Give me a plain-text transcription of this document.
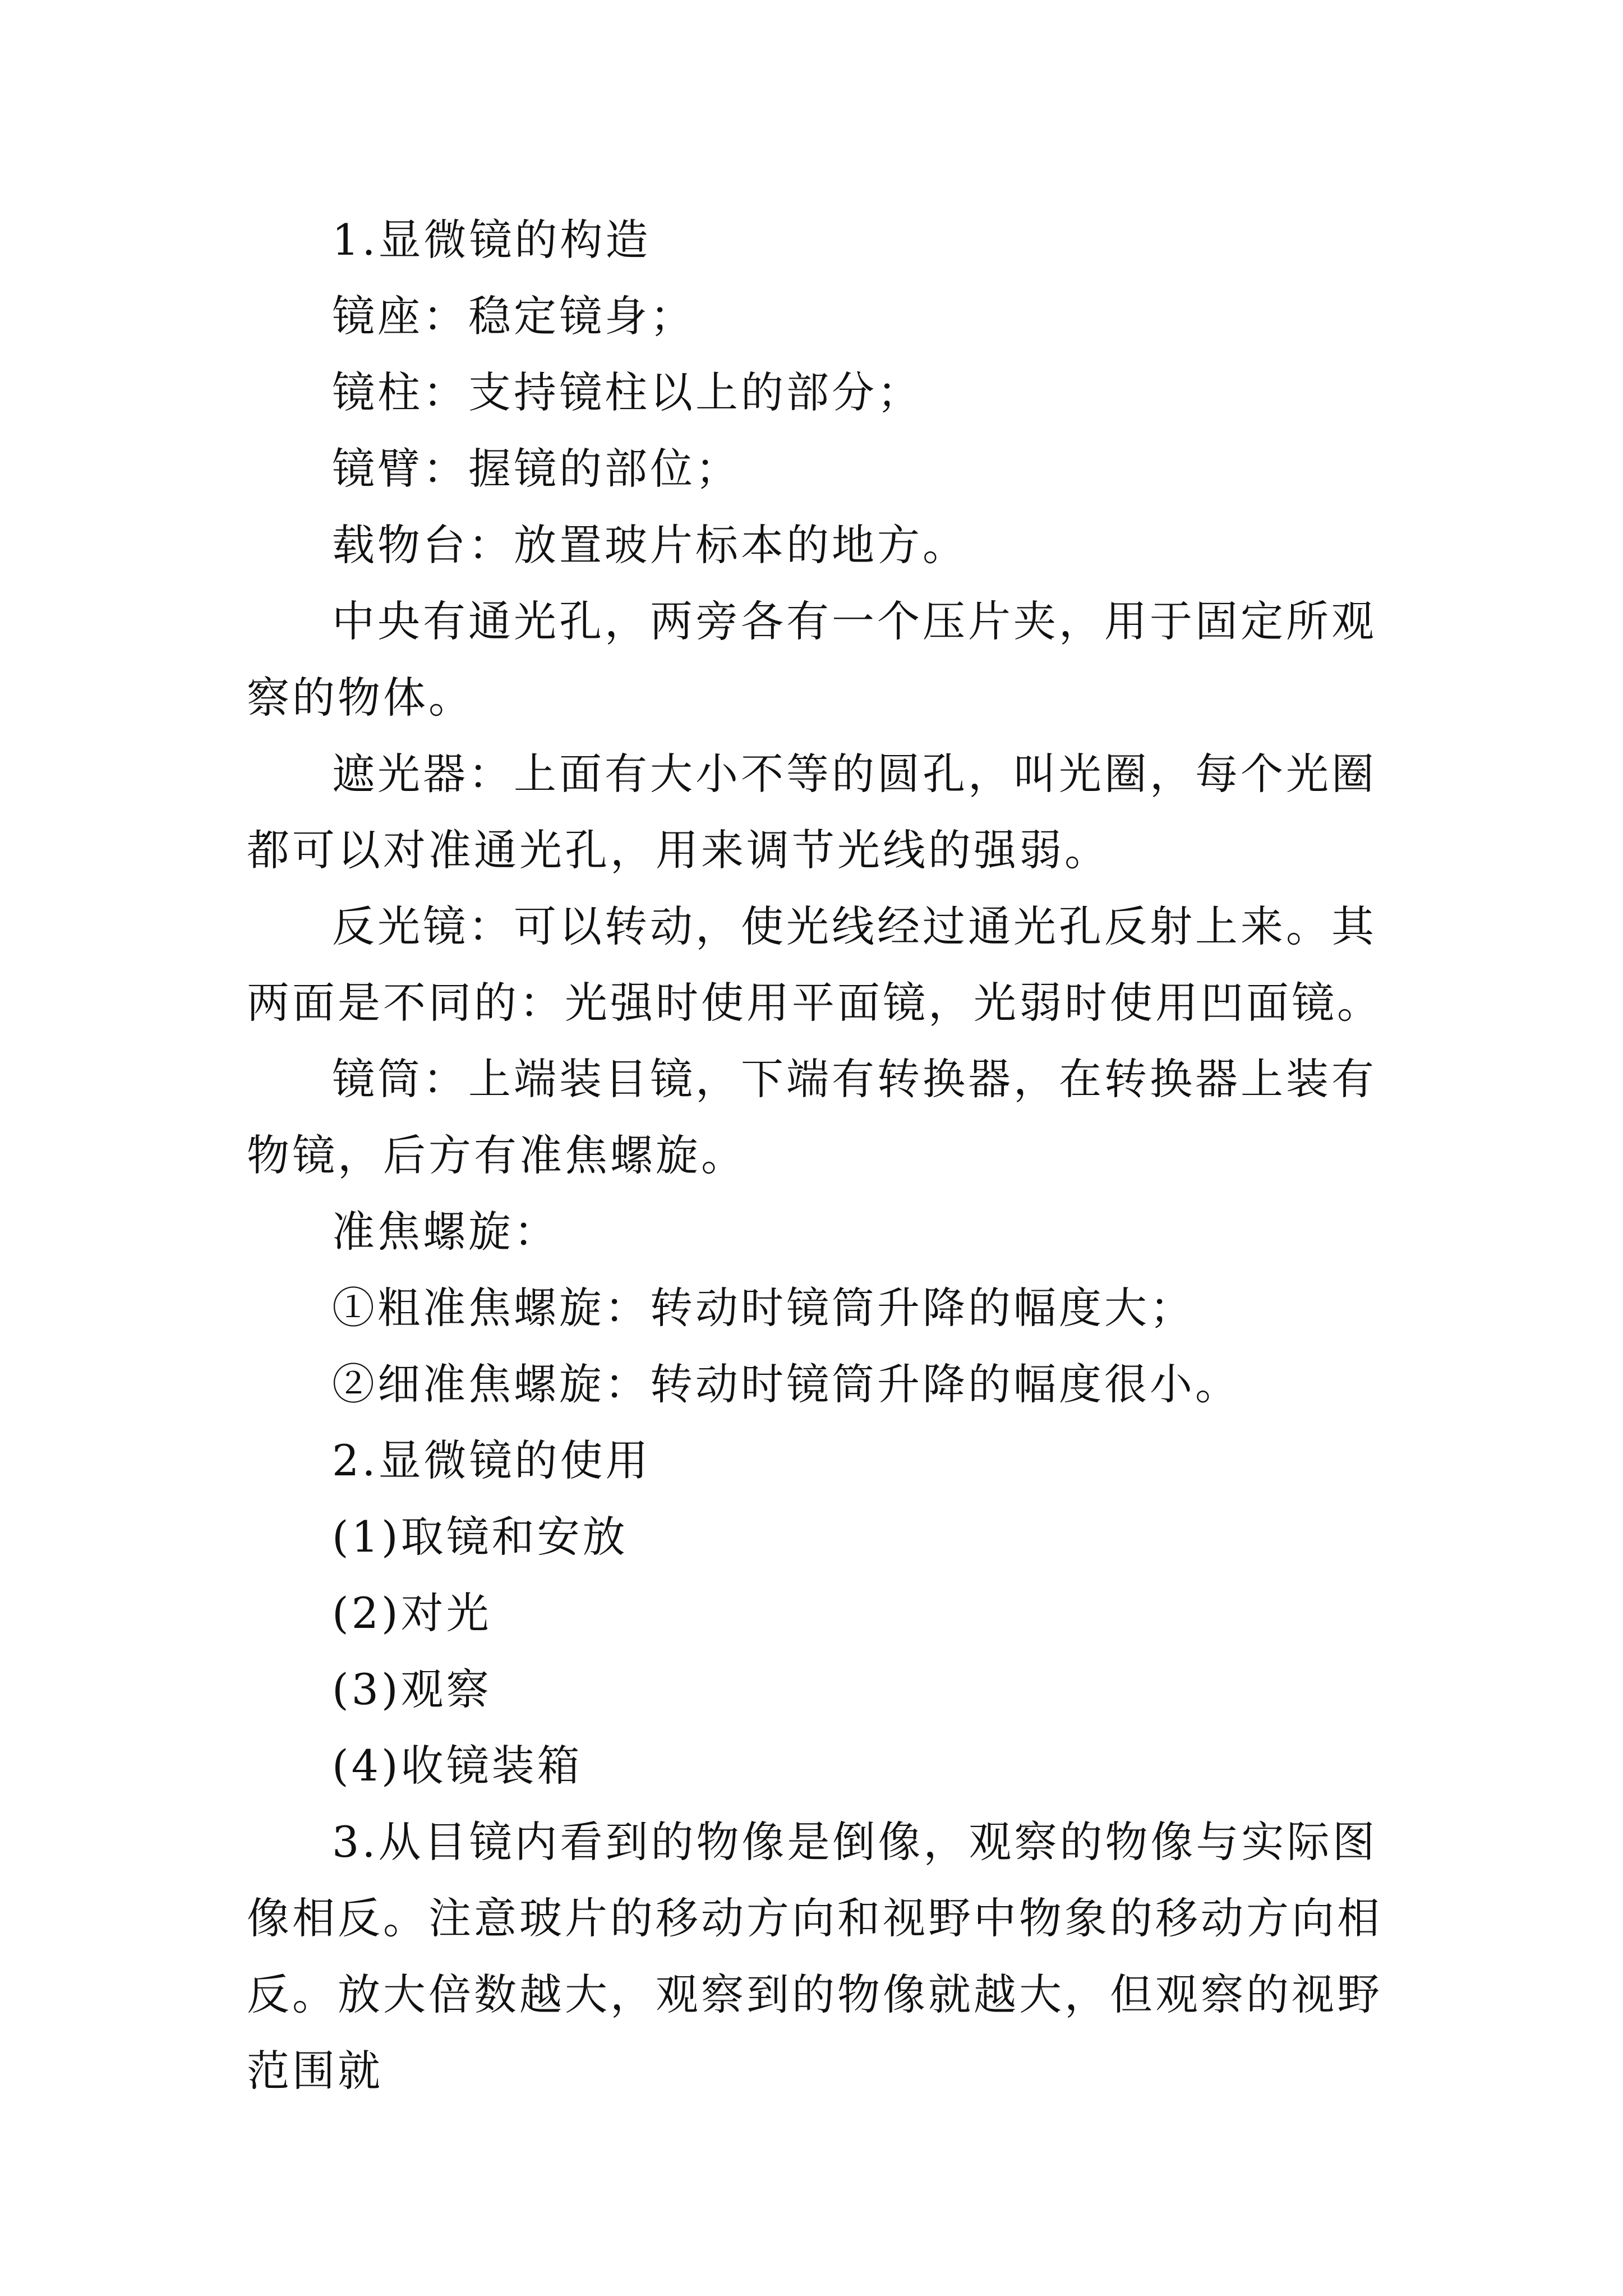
1.显微镜的构造

镜座：稳定镜身；

镜柱：支持镜柱以上的部分；

镜臂：握镜的部位；

载物台：放置玻片标本的地方。

中央有通光孔，两旁各有一个压片夹，用于固定所观察的物体。

遮光器：上面有大小不等的圆孔，叫光圈，每个光圈都可以对准通光孔，用来调节光线的强弱。

反光镜：可以转动，使光线经过通光孔反射上来。其两面是不同的：光强时使用平面镜，光弱时使用凹面镜。

镜筒：上端装目镜，下端有转换器，在转换器上装有物镜，后方有准焦螺旋。

准焦螺旋：

①粗准焦螺旋：转动时镜筒升降的幅度大；

②细准焦螺旋：转动时镜筒升降的幅度很小。

2.显微镜的使用

(1)取镜和安放

(2)对光

(3)观察

(4)收镜装箱

3.从目镜内看到的物像是倒像，观察的物像与实际图像相反。注意玻片的移动方向和视野中物象的移动方向相反。放大倍数越大，观察到的物像就越大，但观察的视野范围就
